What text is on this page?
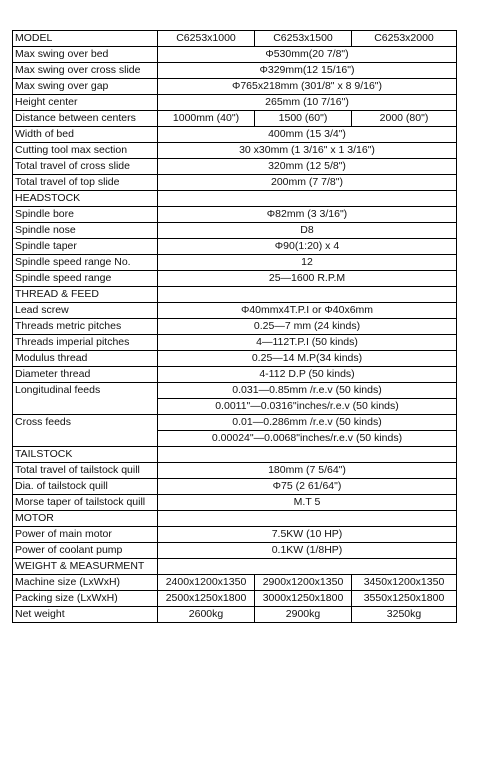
MODEL	C6253x1000	C6253x1500	C6253x2000
Max swing over bed	Φ530mm(20 7/8")		
Max swing over cross slide	Φ329mm(12 15/16")		
Max swing over gap	Φ765x218mm (301/8" x 8 9/16")		
Height center	265mm (10 7/16")		
Distance between centers	1000mm (40")	1500 (60")	2000 (80")
Width of bed	400mm (15 3/4")		
Cutting tool max section	30 x30mm (1 3/16" x 1 3/16")		
Total travel of cross slide	320mm (12 5/8")		
Total travel of top slide	200mm (7 7/8")		
HEADSTOCK			
Spindle bore	Φ82mm (3 3/16")		
Spindle nose	D8		
Spindle taper	Φ90(1:20) x 4		
Spindle speed range No.	12		
Spindle speed range	25—1600 R.P.M		
THREAD & FEED			
Lead screw	Φ40mmx4T.P.I or Φ40x6mm		
Threads metric pitches	0.25—7 mm (24 kinds)		
Threads imperial pitches	4—112T.P.I (50 kinds)		
Modulus thread	0.25—14 M.P(34 kinds)		
Diameter thread	4-112 D.P (50 kinds)		
Longitudinal feeds	0.031—0.85mm /r.e.v (50 kinds)		
	0.0011"—0.0316"inches/r.e.v (50 kinds)		
Cross feeds	0.01—0.286mm /r.e.v (50 kinds)		
	0.00024"—0.0068"inches/r.e.v (50 kinds)		
TAILSTOCK			
Total travel of tailstock quill	180mm (7 5/64")		
Dia. of tailstock quill	Φ75 (2 61/64")		
Morse taper of tailstock quill	M.T 5		
MOTOR			
Power of main motor	7.5KW (10 HP)		
Power of coolant pump	0.1KW (1/8HP)		
WEIGHT & MEASURMENT			
Machine size (LxWxH)	2400x1200x1350	2900x1200x1350	3450x1200x1350
Packing size (LxWxH)	2500x1250x1800	3000x1250x1800	3550x1250x1800
Net weight	2600kg	2900kg	3250kg
